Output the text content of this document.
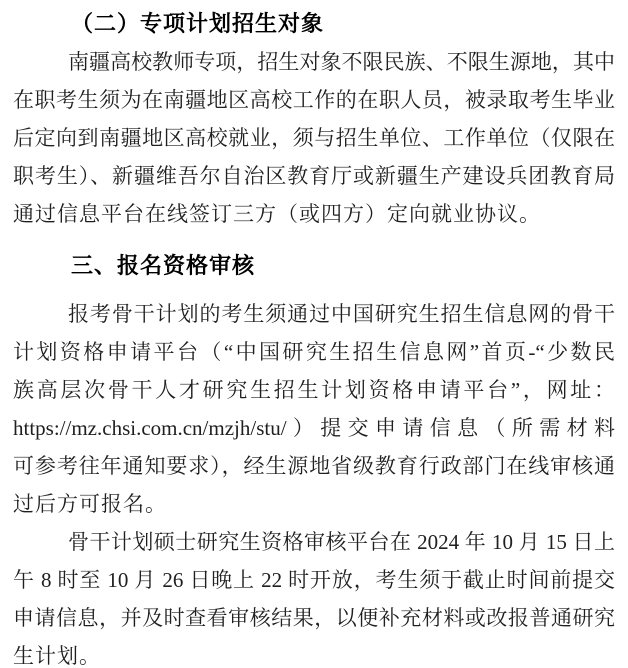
（二）专项计划招生对象
南疆高校教师专项，招生对象不限民族、不限生源地，其中
在职考生须为在南疆地区高校工作的在职人员，被录取考生毕业
后定向到南疆地区高校就业，须与招生单位、工作单位（仅限在
职考生）、新疆维吾尔自治区教育厅或新疆生产建设兵团教育局
通过信息平台在线签订三方（或四方）定向就业协议。
三、报名资格审核
报考骨干计划的考生须通过中国研究生招生信息网的骨干
计划资格申请平台（“中国研究生招生信息网”首页-“少数民
族高层次骨干人才研究生招生计划资格申请平台”，网址：
https://mz.chsi.com.cn/mzjh/stu/）提交申请信息（所需材料
可参考往年通知要求），经生源地省级教育行政部门在线审核通
过后方可报名。
骨干计划硕士研究生资格审核平台在 2024 年 10 月 15 日上
午 8 时至 10 月 26 日晚上 22 时开放，考生须于截止时间前提交
申请信息，并及时查看审核结果，以便补充材料或改报普通研究
生计划。
